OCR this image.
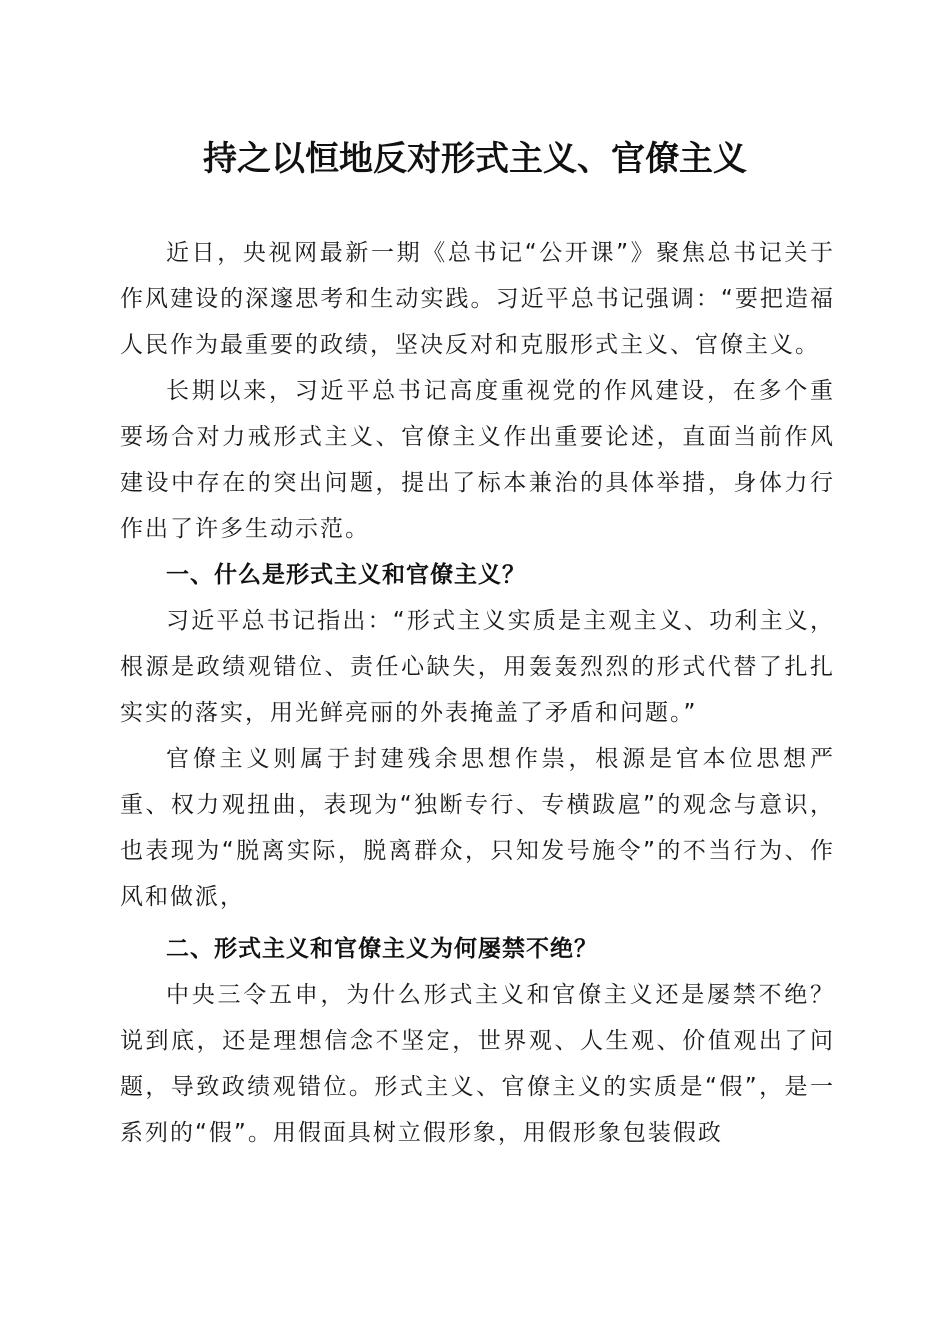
持之以恒地反对形式主义、官僚主义

近日，央视网最新一期《总书记“公开课”》聚焦总书记关于作风建设的深邃思考和生动实践。习近平总书记强调：“要把造福人民作为最重要的政绩，坚决反对和克服形式主义、官僚主义。

长期以来，习近平总书记高度重视党的作风建设，在多个重要场合对力戒形式主义、官僚主义作出重要论述，直面当前作风建设中存在的突出问题，提出了标本兼治的具体举措，身体力行作出了许多生动示范。

一、什么是形式主义和官僚主义？

习近平总书记指出：“形式主义实质是主观主义、功利主义，根源是政绩观错位、责任心缺失，用轰轰烈烈的形式代替了扎扎实实的落实，用光鲜亮丽的外表掩盖了矛盾和问题。”

官僚主义则属于封建残余思想作祟，根源是官本位思想严重、权力观扭曲，表现为“独断专行、专横跋扈”的观念与意识，也表现为“脱离实际，脱离群众，只知发号施令”的不当行为、作风和做派，

二、形式主义和官僚主义为何屡禁不绝？

中央三令五申，为什么形式主义和官僚主义还是屡禁不绝？说到底，还是理想信念不坚定，世界观、人生观、价值观出了问题，导致政绩观错位。形式主义、官僚主义的实质是“假”，是一系列的“假”。用假面具树立假形象，用假形象包装假政
